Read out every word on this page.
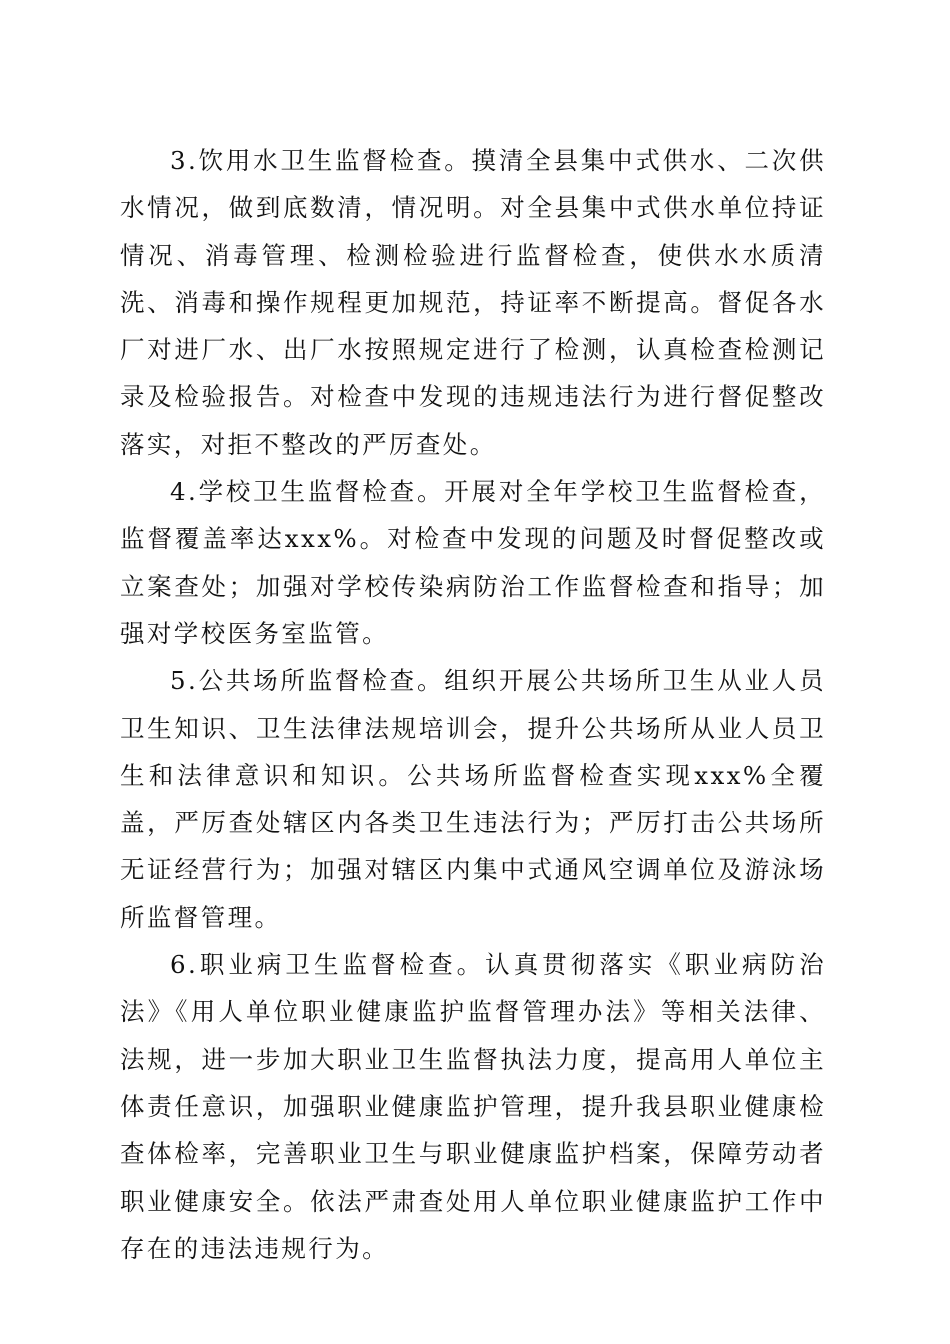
3.饮用水卫生监督检查。摸清全县集中式供水、二次供水情况，做到底数清，情况明。对全县集中式供水单位持证情况、消毒管理、检测检验进行监督检查，使供水水质清洗、消毒和操作规程更加规范，持证率不断提高。督促各水厂对进厂水、出厂水按照规定进行了检测，认真检查检测记录及检验报告。对检查中发现的违规违法行为进行督促整改落实，对拒不整改的严厉查处。

4.学校卫生监督检查。开展对全年学校卫生监督检查，监督覆盖率达xxx%。对检查中发现的问题及时督促整改或立案查处；加强对学校传染病防治工作监督检查和指导；加强对学校医务室监管。

5.公共场所监督检查。组织开展公共场所卫生从业人员卫生知识、卫生法律法规培训会，提升公共场所从业人员卫生和法律意识和知识。公共场所监督检查实现xxx%全覆盖，严厉查处辖区内各类卫生违法行为；严厉打击公共场所无证经营行为；加强对辖区内集中式通风空调单位及游泳场所监督管理。

6.职业病卫生监督检查。认真贯彻落实《职业病防治法》《用人单位职业健康监护监督管理办法》等相关法律、法规，进一步加大职业卫生监督执法力度，提高用人单位主体责任意识，加强职业健康监护管理，提升我县职业健康检查体检率，完善职业卫生与职业健康监护档案，保障劳动者职业健康安全。依法严肃查处用人单位职业健康监护工作中存在的违法违规行为。
